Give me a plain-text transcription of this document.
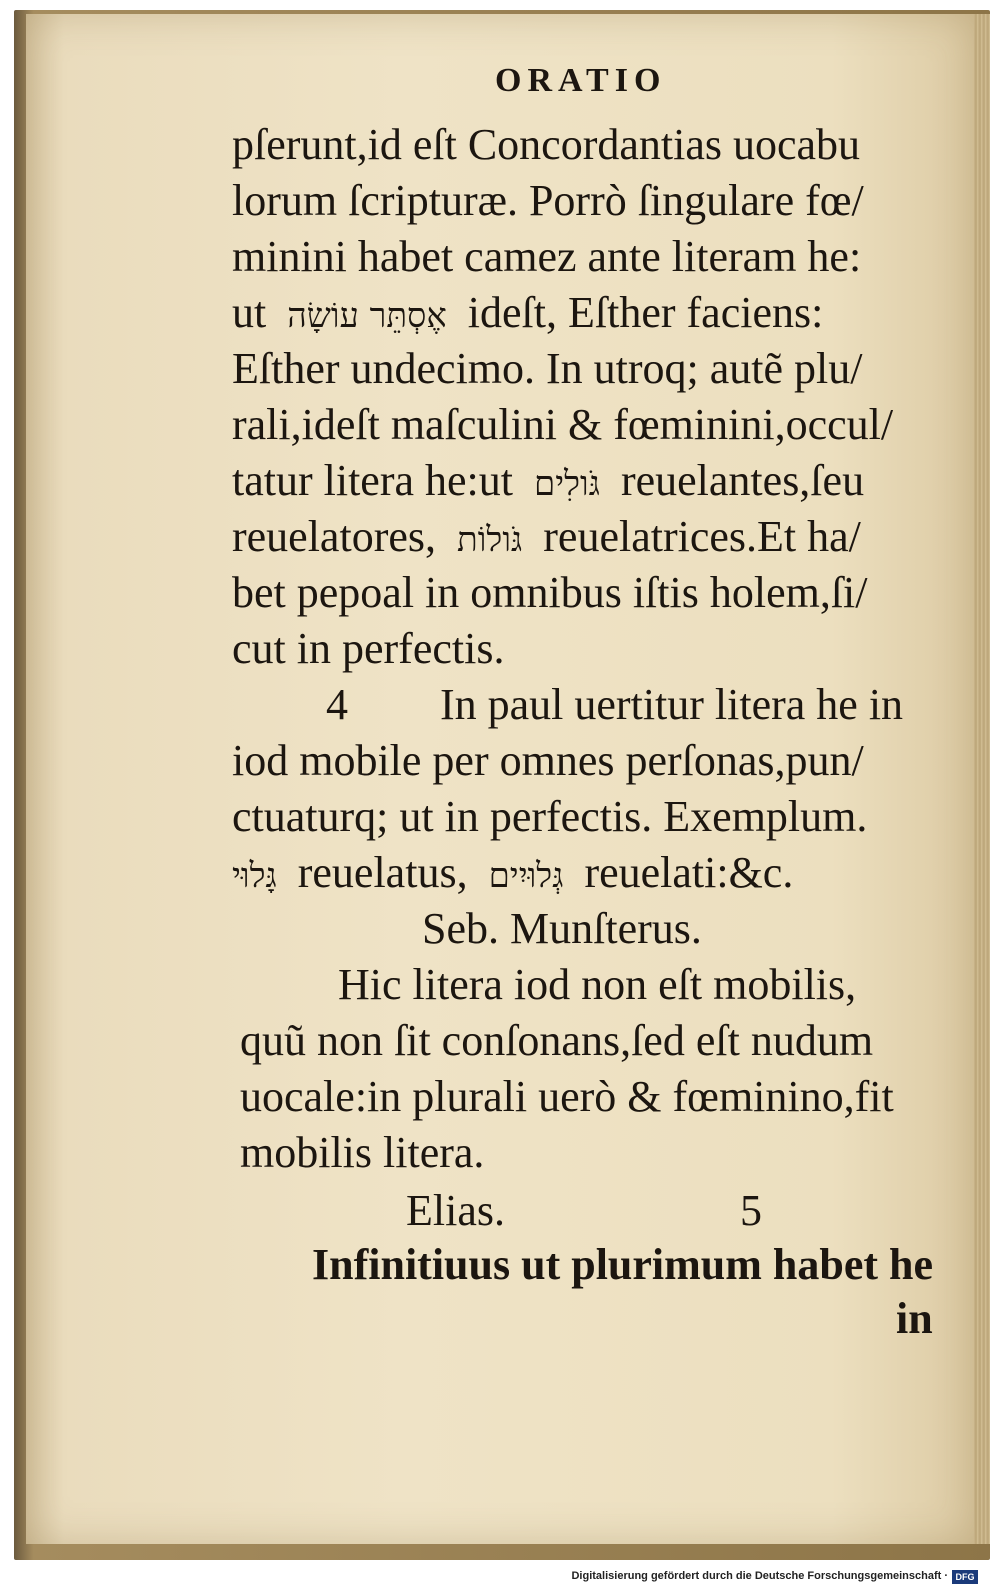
ORATIO
pſerunt,id eſt Concordantias uocabu
lorum ſcripturæ. Porrò ſingulare fœ/
minini habet camez ante literam he:
ut אֶסְתֵּר עוֹשָׂה ideſt, Eſther faciens:
Eſther undecimo. In utroq; autẽ plu/
rali,ideſt maſculini & fœminini,occul/
tatur litera he:ut גֹּולִים reuelantes,ſeu
reuelatores, גֹּולוֹת reuelatrices.Et ha/
bet pepoal in omnibus iſtis holem,ſi/
cut in perfectis.
4 In paul uertitur litera he in
iod mobile per omnes perſonas,pun/
ctuaturq; ut in perfectis. Exemplum.
גָּלוּי reuelatus, גְּלוּיִים reuelati:&c.
Seb. Munſterus.
Hic litera iod non eſt mobilis,
quũ non ſit conſonans,ſed eſt nudum
uocale:in plurali uerò & fœminino,fit
mobilis litera.
Elias.	5
Infinitiuus ut plurimum habet he
in
Digitalisierung gefördert durch die Deutsche Forschungsgemeinschaft · DFG
